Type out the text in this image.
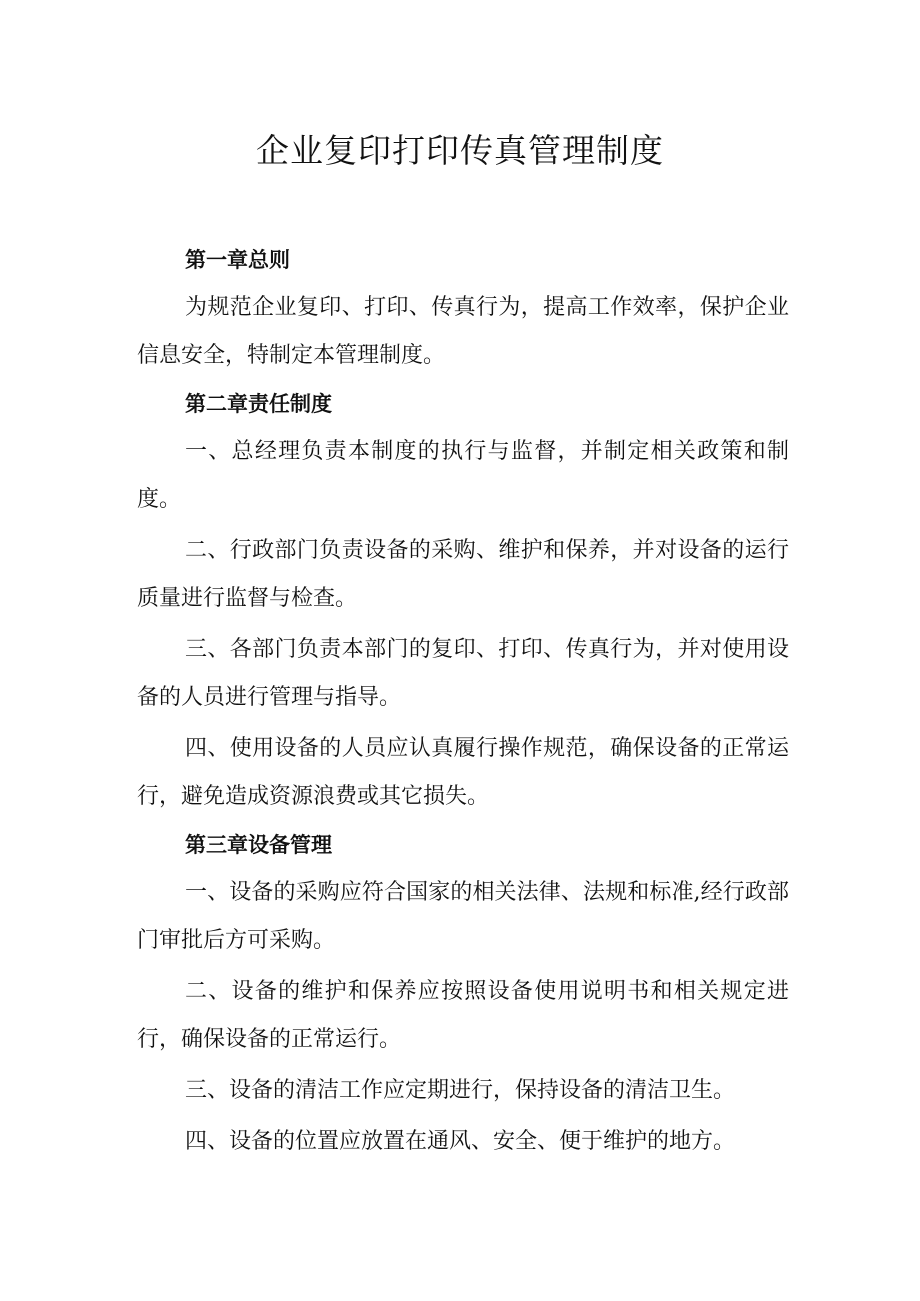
企业复印打印传真管理制度

第一章总则

为规范企业复印、打印、传真行为，提高工作效率，保护企业信息安全，特制定本管理制度。

第二章责任制度

一、总经理负责本制度的执行与监督，并制定相关政策和制度。

二、行政部门负责设备的采购、维护和保养，并对设备的运行质量进行监督与检查。

三、各部门负责本部门的复印、打印、传真行为，并对使用设备的人员进行管理与指导。

四、使用设备的人员应认真履行操作规范，确保设备的正常运行，避免造成资源浪费或其它损失。

第三章设备管理

一、设备的采购应符合国家的相关法律、法规和标准,经行政部门审批后方可采购。

二、设备的维护和保养应按照设备使用说明书和相关规定进行，确保设备的正常运行。

三、设备的清洁工作应定期进行，保持设备的清洁卫生。

四、设备的位置应放置在通风、安全、便于维护的地方。
